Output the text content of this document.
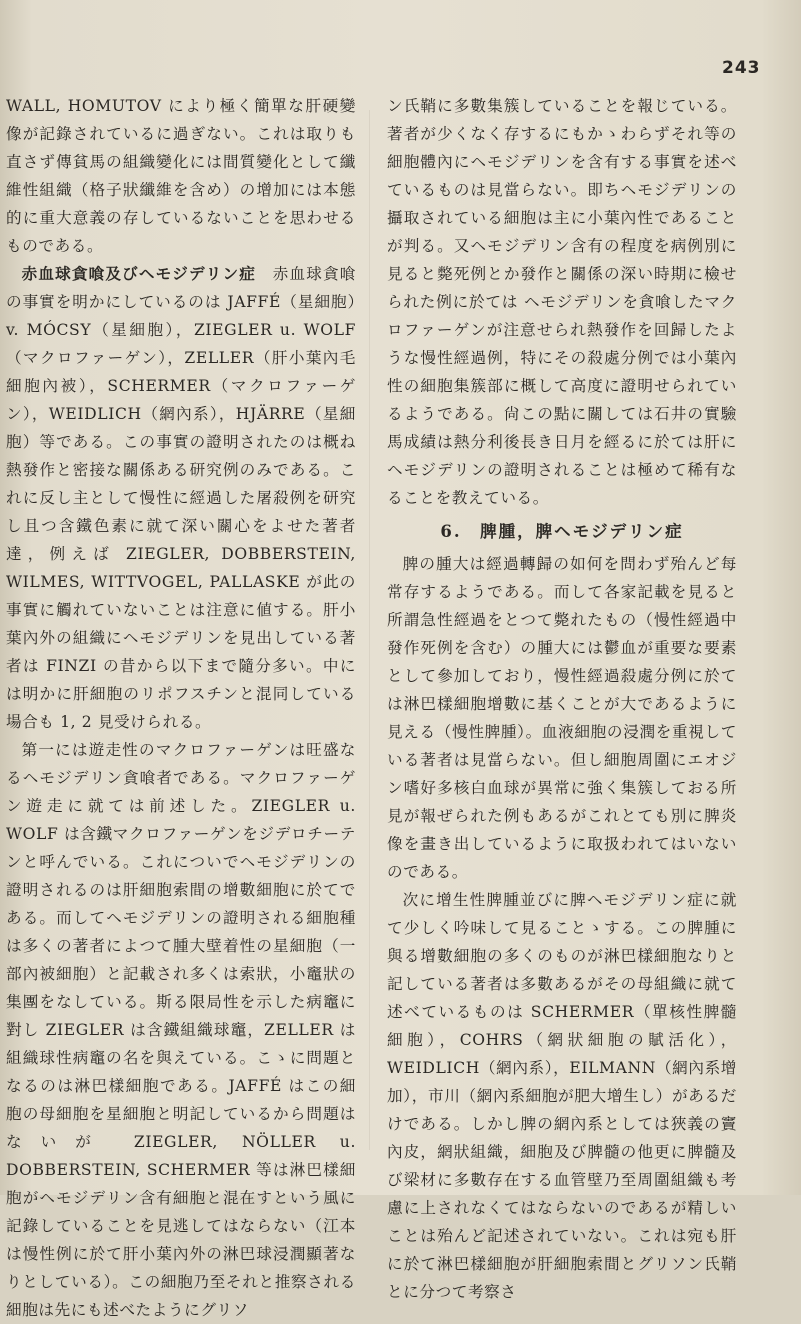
243

WALL, HOMUTOV により極く簡單な肝硬變像が記錄されているに過ぎない。これは取りも直さず傳貧馬の組織變化には間質變化として纖維性組織（格子狀纖維を含め）の增加には本態的に重大意義の存しているないことを思わせるものである。

赤血球貪喰及びヘモジデリン症　 赤血球貪喰の事實を明かにしているのは JAFFÉ（星細胞）v. MÓCSY（星細胞），ZIEGLER u. WOLF（マクロファーゲン），ZELLER（肝小葉內毛細胞內被），SCHERMER（マクロファーゲン），WEIDLICH（網內系），HJÄRRE（星細胞）等である。この事實の證明されたのは概ね熱發作と密接な關係ある研究例のみである。これに反し主として慢性に經過した屠殺例を研究し且つ含鐵色素に就て深い關心をよせた著者達，例えば ZIEGLER, DOBBERSTEIN, WILMES, WITTVOGEL, PALLASKE が此の事實に觸れていないことは注意に値する。肝小葉內外の組織にヘモジデリンを見出している著者は FINZI の昔から以下まで隨分多い。中には明かに肝細胞のリポフスチンと混同している場合も 1, 2 見受けられる。

第一には遊走性のマクロファーゲンは旺盛なるヘモジデリン貪喰者である。マクロファーゲン遊走に就ては前述した。ZIEGLER u. WOLF は含鐵マクロファーゲンをジデロチーテンと呼んでいる。これについでヘモジデリンの證明されるのは肝細胞索間の增數細胞に於てである。而してヘモジデリンの證明される細胞種は多くの著者によつて腫大壁着性の星細胞（一部內被細胞）と記載され多くは索狀，小竈狀の集團をなしている。斯る限局性を示した病竈に對し ZIEGLER は含鐵組織球竈，ZELLER は組織球性病竈の名を與えている。こゝに問題となるのは淋巴樣細胞である。JAFFÉ はこの細胞の母細胞を星細胞と明記しているから問題はないが ZIEGLER, NÖLLER u. DOBBERSTEIN, SCHERMER 等は淋巴樣細胞がヘモジデリン含有細胞と混在すという風に記錄していることを見逃してはならない（江本は慢性例に於て肝小葉內外の淋巴球浸潤顯著なりとしている）。この細胞乃至それと推察される細胞は先にも述べたようにグリソ

ン氏鞘に多數集簇していることを報じている。著者が少くなく存するにもかゝわらずそれ等の細胞體內にヘモジデリンを含有する事實を述べているものは見當らない。即ちヘモジデリンの攝取されている細胞は主に小葉內性であることが判る。又ヘモジデリン含有の程度を病例別に見ると斃死例とか發作と關係の深い時期に檢せられた例に於ては ヘモジデリンを貪喰したマクロファーゲンが注意せられ熱發作を回歸したような慢性經過例，特にその殺處分例では小葉內性の細胞集簇部に概して高度に證明せられているようである。尙この點に關しては石井の實驗馬成績は熱分利後長き日月を經るに於ては肝にヘモジデリンの證明されることは極めて稀有なることを教えている。

6.　脾腫，脾ヘモジデリン症

脾の腫大は經過轉歸の如何を問わず殆んど每常存するようである。而して各家記載を見ると所謂急性經過をとつて斃れたもの（慢性經過中發作死例を含む）の腫大には鬱血が重要な要素として參加しており，慢性經過殺處分例に於ては淋巴樣細胞增數に基くことが大であるように見える（慢性脾腫）。血液細胞の浸潤を重視している著者は見當らない。但し細胞周圍にエオジン嗜好多核白血球が異常に強く集簇しておる所見が報ぜられた例もあるがこれとても別に脾炎像を畫き出しているように取扱われてはいないのである。

次に增生性脾腫並びに脾ヘモジデリン症に就て少しく吟味して見ることゝする。この脾腫に與る增數細胞の多くのものが淋巴樣細胞なりと記している著者は多數あるがその母組織に就て述べているものは SCHERMER（單核性脾髓細胞），COHRS（網狀細胞の賦活化），WEIDLICH（網內系），EILMANN（網內系增加），市川（網內系細胞が肥大增生し）があるだけである。しかし脾の網內系としては狹義の竇內皮，網狀組織，細胞及び脾髓の他更に脾髓及び梁材に多數存在する血管壁乃至周圍組織も考慮に上されなくてはならないのであるが精しいことは殆んど記述されていない。これは宛も肝に於て淋巴樣細胞が肝細胞索間とグリソン氏鞘とに分つて考察さ
